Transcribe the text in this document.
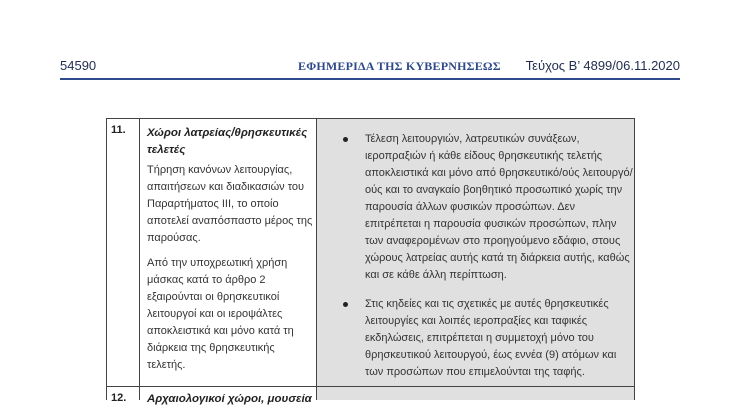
54590	ΕΦΗΜΕΡΙΔΑ ΤΗΣ ΚΥΒΕΡΝΗΣΕΩΣ Τεύχος Β’ 4899/06.11.2020
11. Χώροι λατρείας/θρησκευτικές τελετές
Τήρηση κανόνων λειτουργίας, απαιτήσεων και διαδικασιών του Παραρτήματος ΙΙΙ, το οποίο αποτελεί αναπόσπαστο μέρος της παρούσας.
Από την υποχρεωτική χρήση μάσκας κατά το άρθρο 2 εξαιρούνται οι θρησκευτικοί λειτουργοί και οι ιεροψάλτες αποκλειστικά και μόνο κατά τη διάρκεια της θρησκευτικής τελετής.
Τέλεση λειτουργιών, λατρευτικών συνάξεων, ιεροπραξιών ή κάθε είδους θρησκευτικής τελετής αποκλειστικά και μόνο από θρησκευτικό/ούς λειτουργό/ούς και το αναγκαίο βοηθητικό προσωπικό χωρίς την παρουσία άλλων φυσικών προσώπων. Δεν επιτρέπεται η παρουσία φυσικών προσώπων, πλην των αναφερομένων στο προηγούμενο εδάφιο, στους χώρους λατρείας αυτής κατά τη διάρκεια αυτής, καθώς και σε κάθε άλλη περίπτωση.
Στις κηδείες και τις σχετικές με αυτές θρησκευτικές λειτουργίες και λοιπές ιεροπραξίες και ταφικές εκδηλώσεις, επιτρέπεται η συμμετοχή μόνο του θρησκευτικού λειτουργού, έως εννέα (9) ατόμων και των προσώπων που επιμελούνται της ταφής.
12. Αρχαιολογικοί χώροι, μουσεία
